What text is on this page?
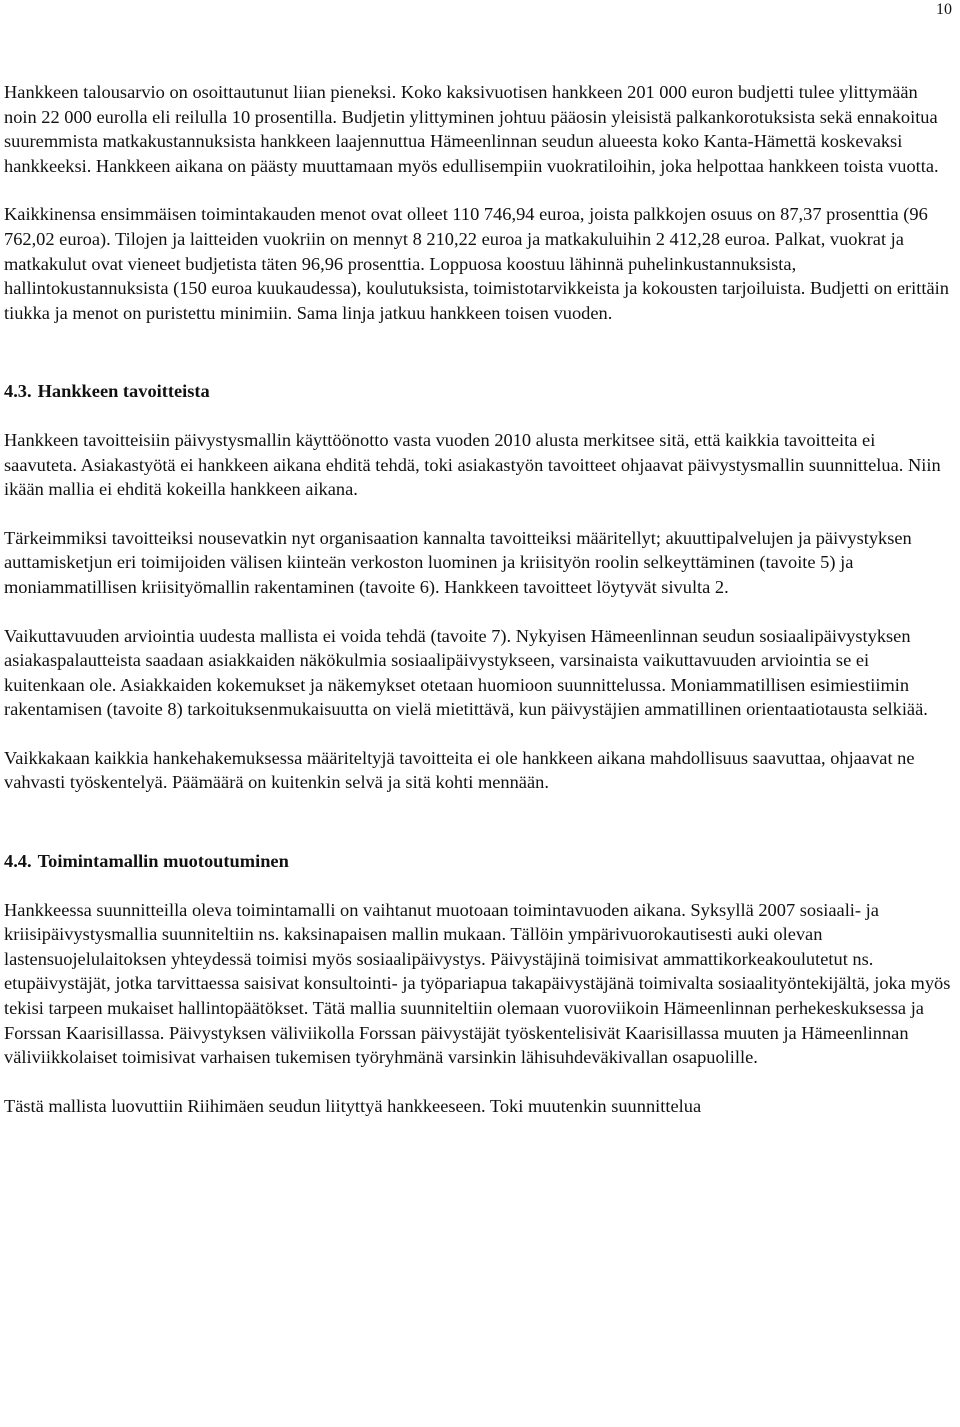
10

Hankkeen talousarvio on osoittautunut liian pieneksi. Koko kaksivuotisen hankkeen 201 000 euron budjetti tulee ylittymään noin 22 000 eurolla eli reilulla 10 prosentilla. Budjetin ylittyminen johtuu pääosin yleisistä palkankorotuksista sekä ennakoitua suuremmista matkakustannuksista hankkeen laajennuttua Hämeenlinnan seudun alueesta koko Kanta-Hämettä koskevaksi hankkeeksi. Hankkeen aikana on päästy muuttamaan myös edullisempiin vuokratiloihin, joka helpottaa hankkeen toista vuotta.

Kaikkinensa ensimmäisen toimintakauden menot ovat olleet 110 746,94 euroa, joista palkkojen osuus on 87,37 prosenttia (96 762,02 euroa). Tilojen ja laitteiden vuokriin on mennyt 8 210,22 euroa ja matkakuluihin 2 412,28 euroa. Palkat, vuokrat ja matkakulut ovat vieneet budjetista täten 96,96 prosenttia. Loppuosa koostuu lähinnä puhelinkustannuksista, hallintokustannuksista (150 euroa kuukaudessa), koulutuksista, toimistotarvikkeista ja kokousten tarjoiluista. Budjetti on erittäin tiukka ja menot on puristettu minimiin. Sama linja jatkuu hankkeen toisen vuoden.

4.3. Hankkeen tavoitteista

Hankkeen tavoitteisiin päivystysmallin käyttöönotto vasta vuoden 2010 alusta merkitsee sitä, että kaikkia tavoitteita ei saavuteta. Asiakastyötä ei hankkeen aikana ehditä tehdä, toki asiakastyön tavoitteet ohjaavat päivystysmallin suunnittelua. Niin ikään mallia ei ehditä kokeilla hankkeen aikana.

Tärkeimmiksi tavoitteiksi nousevatkin nyt organisaation kannalta tavoitteiksi määritellyt; akuuttipalvelujen ja päivystyksen auttamisketjun eri toimijoiden välisen kiinteän verkoston luominen ja kriisityön roolin selkeyttäminen (tavoite 5) ja moniammatillisen kriisityömallin rakentaminen (tavoite 6). Hankkeen tavoitteet löytyvät sivulta 2.

Vaikuttavuuden arviointia uudesta mallista ei voida tehdä (tavoite 7). Nykyisen Hämeenlinnan seudun sosiaalipäivystyksen asiakaspalautteista saadaan asiakkaiden näkökulmia sosiaalipäivystykseen, varsinaista vaikuttavuuden arviointia se ei kuitenkaan ole. Asiakkaiden kokemukset ja näkemykset otetaan huomioon suunnittelussa. Moniammatillisen esimiestiimin rakentamisen (tavoite 8) tarkoituksenmukaisuutta on vielä mietittävä, kun päivystäjien ammatillinen orientaatiotausta selkiää.

Vaikkakaan kaikkia hankehakemuksessa määriteltyjä tavoitteita ei ole hankkeen aikana mahdollisuus saavuttaa, ohjaavat ne vahvasti työskentelyä. Päämäärä on kuitenkin selvä ja sitä kohti mennään.

4.4. Toimintamallin muotoutuminen

Hankkeessa suunnitteilla oleva toimintamalli on vaihtanut muotoaan toimintavuoden aikana. Syksyllä 2007 sosiaali- ja kriisipäivystysmallia suunniteltiin ns. kaksinapaisen mallin mukaan. Tällöin ympärivuorokautisesti auki olevan lastensuojelulaitoksen yhteydessä toimisi myös sosiaalipäivystys. Päivystäjinä toimisivat ammattikorkeakoulutetut ns. etupäivystäjät, jotka tarvittaessa saisivat konsultointi- ja työpariapua takapäivystäjänä toimivalta sosiaalityöntekijältä, joka myös tekisi tarpeen mukaiset hallintopäätökset. Tätä mallia suunniteltiin olemaan vuoroviikoin Hämeenlinnan perhekeskuksessa ja Forssan Kaarisillassa. Päivystyksen väliviikolla Forssan päivystäjät työskentelisivät Kaarisillassa muuten ja Hämeenlinnan väliviikkolaiset toimisivat varhaisen tukemisen työryhmänä varsinkin lähisuhdeväkivallan osapuolille.

Tästä mallista luovuttiin Riihimäen seudun liityttyä hankkeeseen. Toki muutenkin suunnittelua
